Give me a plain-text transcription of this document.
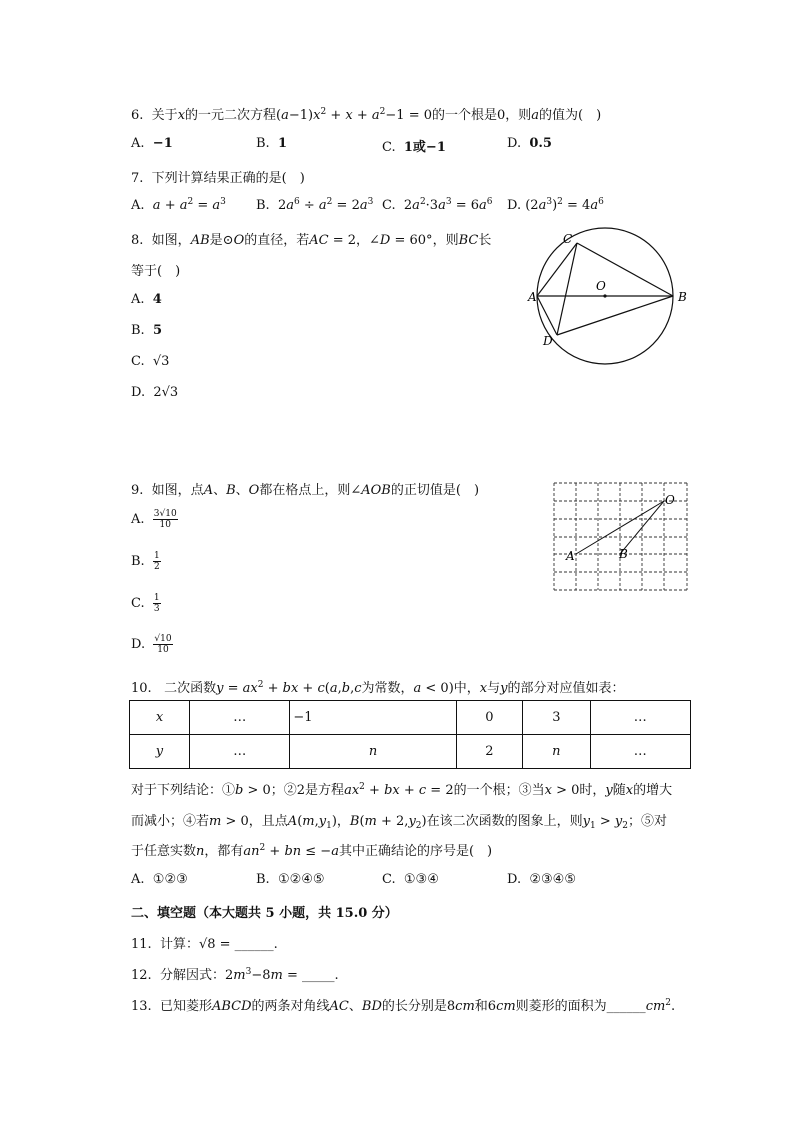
6. 关于x的一元二次方程$(a-1)x^2 + x + a^2-1 = 0$的一个根是0，则a的值为(　)
A. −1	B. 1	C. 1或−1	D. 0.5
7. 下列计算结果正确的是(　)
A. $a + a^2 = a^3$ B.  $2a^6 \div a^2 = 2a^3$ C.  $2a^2\cdot 3a^3 = 6a^6$ D. $(2a^3)^2 = 4a^6$
8. 如图，AB是⊙O的直径，若AC = 2，∠D = 60°，则BC长
等于(　)
A. 4
B. 5
C. √3
D. 2√3
C
O
A	B
D
9. 如图，点A、B、O都在格点上，则∠AOB的正切值是(　)
A. $\frac{3√10}{10}$
B. $\frac{1}{2}$
C. $\frac{1}{3}$
D. $\frac{√10}{10}$
O
A	B
10. 二次函数$y = ax^2$ + bx + c(a,b,c为常数，a < 0)中，x与y的部分对应值如表：
x	…	−1	0	3	…
y	…	n	2	n	…
对于下列结论：①b > 0；②2是方程$ax^2$ + bx + c = 2的一个根；③当x > 0时，y随x的增大
而减小；④若m > 0，且点$A(m,y_1)$，$B(m + 2,y_2)$在该二次函数的图象上，则$y_1 > y_2$；⑤对
于任意实数n，都有$an^2$ + bn ≤ −a其中正确结论的序号是(　)
A. ①②③	B. ①②④⑤	C. ①③④	D. ②③④⑤
二、填空题（本大题共 5 小题，共 15.0 分）
11. 计算：√8 = ______.
12. 分解因式：$2m^3-8m$ = _____.
13. 已知菱形ABCD的两条对角线AC、BD的长分别是8cm和6cm则菱形的面积为$\_\_\_\_\_\_cm^2$.
